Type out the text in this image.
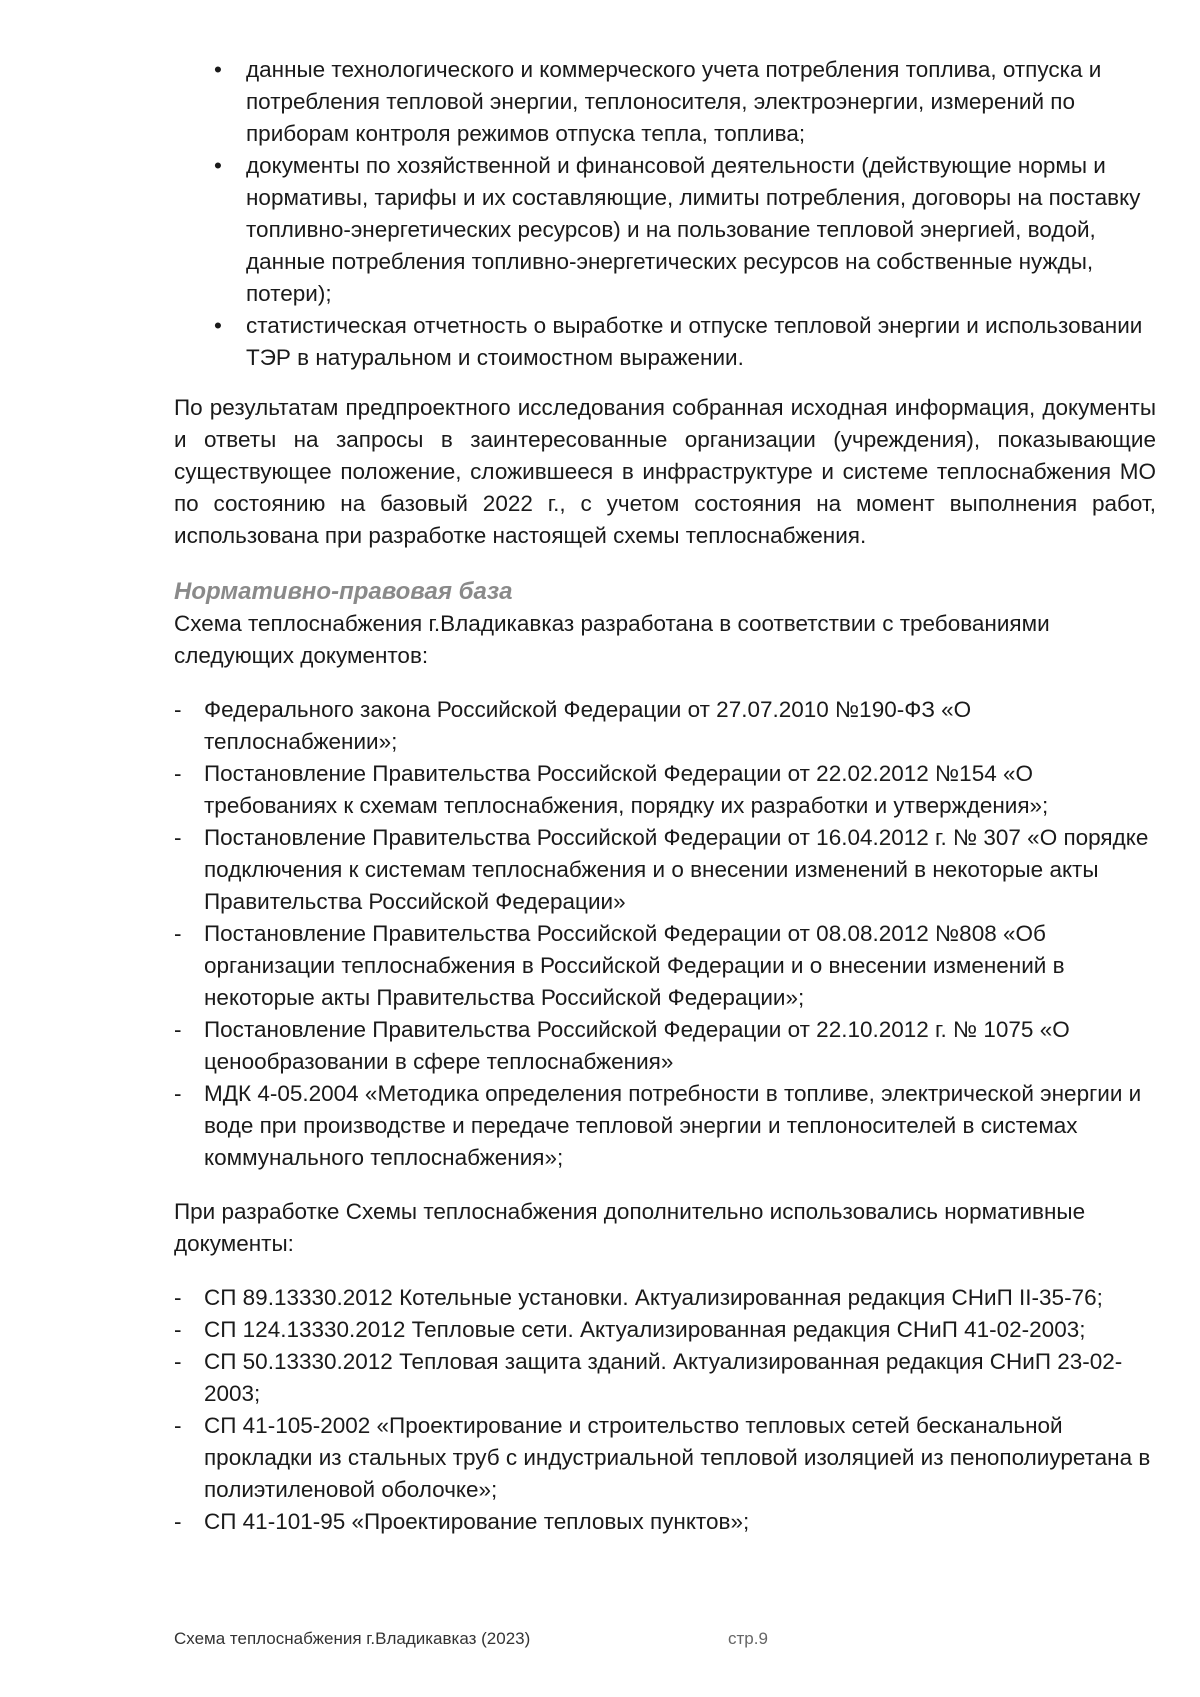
• данные технологического и коммерческого учета потребления топлива, отпуска и потребления тепловой энергии, теплоносителя, электроэнергии, измерений по приборам контроля режимов отпуска тепла, топлива;
• документы по хозяйственной и финансовой деятельности (действующие нормы и нормативы, тарифы и их составляющие, лимиты потребления, договоры на поставку топливно-энергетических ресурсов) и на пользование тепловой энергией, водой, данные потребления топливно-энергетических ресурсов на собственные нужды, потери);
• статистическая отчетность о выработке и отпуске тепловой энергии и использовании ТЭР в натуральном и стоимостном выражении.

По результатам предпроектного исследования собранная исходная информация, документы и ответы на запросы в заинтересованные организации (учреждения), показывающие существующее положение, сложившееся в инфраструктуре и системе теплоснабжения МО по состоянию на базовый 2022 г., с учетом состояния на момент выполнения работ, использована при разработке настоящей схемы теплоснабжения.

Нормативно-правовая база

Схема теплоснабжения г.Владикавказ разработана в соответствии с требованиями следующих документов:

- Федерального закона Российской Федерации от 27.07.2010 №190-ФЗ «О теплоснабжении»;
- Постановление Правительства Российской Федерации от 22.02.2012 №154 «О требованиях к схемам теплоснабжения, порядку их разработки и утверждения»;
- Постановление Правительства Российской Федерации от 16.04.2012 г. № 307 «О порядке подключения к системам теплоснабжения и о внесении изменений в некоторые акты Правительства Российской Федерации»
- Постановление Правительства Российской Федерации от 08.08.2012 №808 «Об организации теплоснабжения в Российской Федерации и о внесении изменений в некоторые акты Правительства Российской Федерации»;
- Постановление Правительства Российской Федерации от 22.10.2012 г. № 1075 «О ценообразовании в сфере теплоснабжения»
- МДК 4-05.2004 «Методика определения потребности в топливе, электрической энергии и воде при производстве и передаче тепловой энергии и теплоносителей в системах коммунального теплоснабжения»;

При разработке Схемы теплоснабжения дополнительно использовались нормативные документы:

- СП 89.13330.2012 Котельные установки. Актуализированная редакция СНиП II-35-76;
- СП 124.13330.2012 Тепловые сети. Актуализированная редакция СНиП 41-02-2003;
- СП 50.13330.2012 Тепловая защита зданий. Актуализированная редакция СНиП 23-02-2003;
- СП 41-105-2002 «Проектирование и строительство тепловых сетей бесканальной прокладки из стальных труб с индустриальной тепловой изоляцией из пенополиуретана в полиэтиленовой оболочке»;
- СП 41-101-95 «Проектирование тепловых пунктов»;
Схема теплоснабжения г.Владикавказ (2023)	стр.9
